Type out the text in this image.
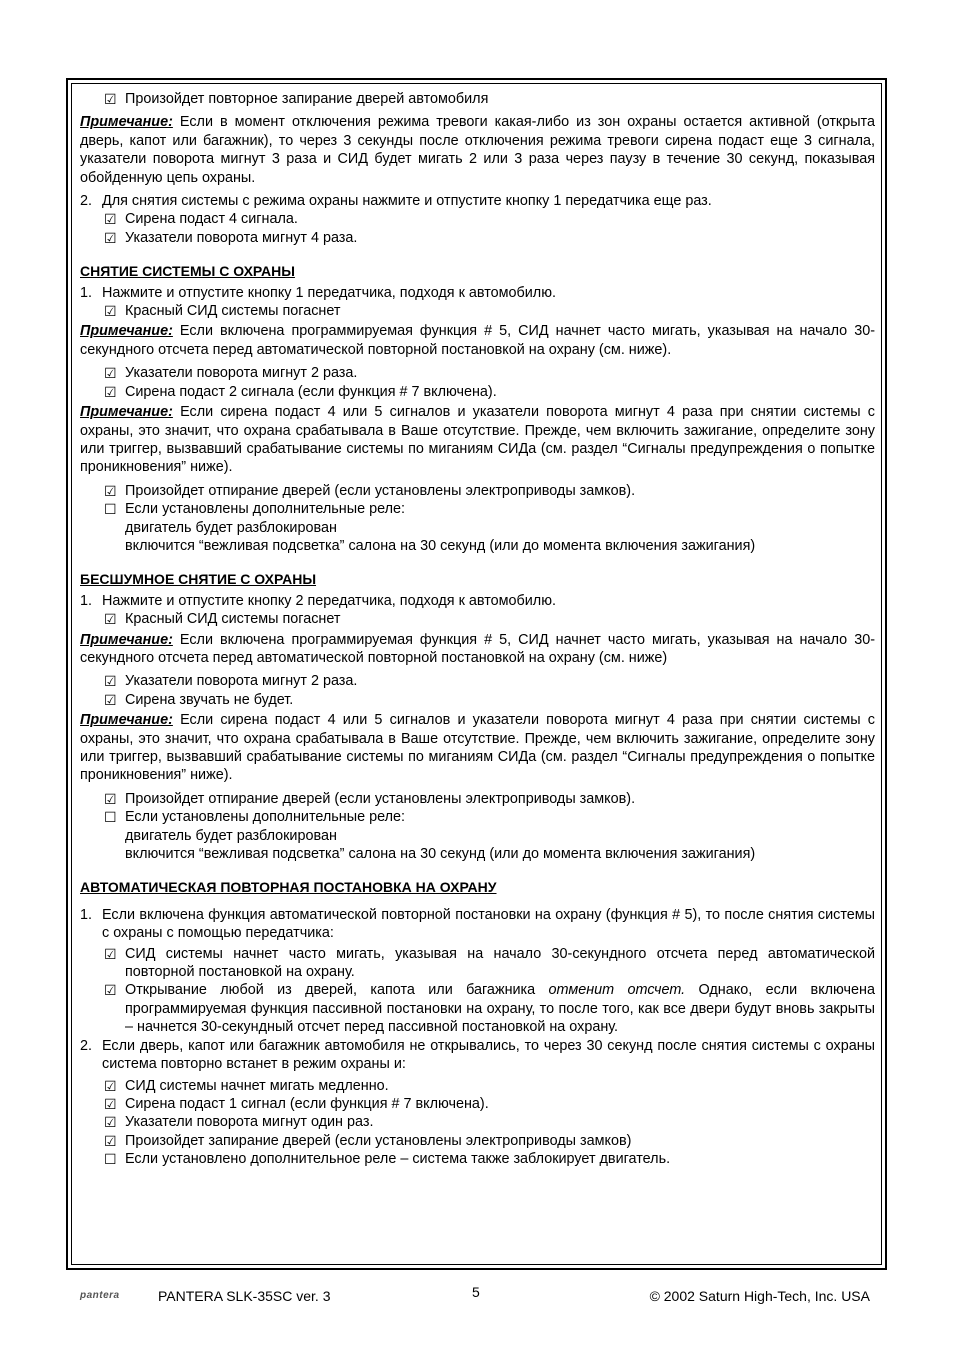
☑ Произойдет повторное запирание дверей автомобиля

Примечание: Если в момент отключения режима тревоги какая-либо из зон охраны остается активной (открыта дверь, капот или багажник), то через 3 секунды после отключения режима тревоги сирена подаст еще 3 сигнала, указатели поворота мигнут 3 раза и СИД будет мигать 2 или 3 раза через паузу в течение 30 секунд, показывая обойденную цепь охраны.

2. Для снятия системы с режима охраны нажмите и отпустите кнопку 1 передатчика еще раз.
☑ Сирена подаст 4 сигнала.
☑ Указатели поворота мигнут 4 раза.

СНЯТИЕ СИСТЕМЫ С ОХРАНЫ

1. Нажмите и отпустите кнопку 1 передатчика, подходя к автомобилю.
☑ Красный СИД системы погаснет

Примечание: Если включена программируемая функция # 5, СИД начнет часто мигать, указывая на начало 30-секундного отсчета перед автоматической повторной постановкой на охрану (см. ниже).

☑ Указатели поворота мигнут 2 раза.
☑ Сирена подаст 2 сигнала (если функция # 7 включена).

Примечание: Если сирена подаст 4 или 5 сигналов и указатели поворота мигнут 4 раза при снятии системы с охраны, это значит, что охрана срабатывала в Ваше отсутствие. Прежде, чем включить зажигание, определите зону или триггер, вызвавший срабатывание системы по миганиям СИДа (см. раздел “Сигналы предупреждения о попытке проникновения” ниже).

☑ Произойдет отпирание дверей (если установлены электроприводы замков).
☐ Если установлены дополнительные реле:
двигатель будет разблокирован
включится “вежливая подсветка” салона на 30 секунд (или до момента включения зажигания)

БЕСШУМНОЕ СНЯТИЕ С ОХРАНЫ

1. Нажмите и отпустите кнопку 2 передатчика, подходя к автомобилю.
☑ Красный СИД системы погаснет

Примечание: Если включена программируемая функция # 5, СИД начнет часто мигать, указывая на начало 30-секундного отсчета перед автоматической повторной постановкой на охрану (см. ниже)

☑ Указатели поворота мигнут 2 раза.
☑ Сирена звучать не будет.

Примечание: Если сирена подаст 4 или 5 сигналов и указатели поворота мигнут 4 раза при снятии системы с охраны, это значит, что охрана срабатывала в Ваше отсутствие. Прежде, чем включить зажигание, определите зону или триггер, вызвавший срабатывание системы по миганиям СИДа (см. раздел “Сигналы предупреждения о попытке проникновения” ниже).

☑ Произойдет отпирание дверей (если установлены электроприводы замков).
☐ Если установлены дополнительные реле:
двигатель будет разблокирован
включится “вежливая подсветка” салона на 30 секунд (или до момента включения зажигания)

АВТОМАТИЧЕСКАЯ ПОВТОРНАЯ ПОСТАНОВКА НА ОХРАНУ

1. Если включена функция автоматической повторной постановки на охрану (функция # 5), то после снятия системы с охраны с помощью передатчика:
☑ СИД системы начнет часто мигать, указывая на начало 30-секундного отсчета перед автоматической повторной постановкой на охрану.
☑ Открывание любой из дверей, капота или багажника отменит отсчет. Однако, если включена программируемая функция пассивной постановки на охрану, то после того, как все двери будут вновь закрыты – начнется 30-секундный отсчет перед пассивной постановкой на охрану.
2. Если дверь, капот или багажник автомобиля не открывались, то через 30 секунд после снятия системы с охраны система повторно встанет в режим охраны и:
☑ СИД системы начнет мигать медленно.
☑ Сирена подаст 1 сигнал (если функция # 7 включена).
☑ Указатели поворота мигнут один раз.
☑ Произойдет запирание дверей (если установлены электроприводы замков)
☐ Если установлено дополнительное реле – система также заблокирует двигатель.
pantera	PANTERA SLK-35SC ver. 3	5	© 2002 Saturn High-Tech, Inc. USA
